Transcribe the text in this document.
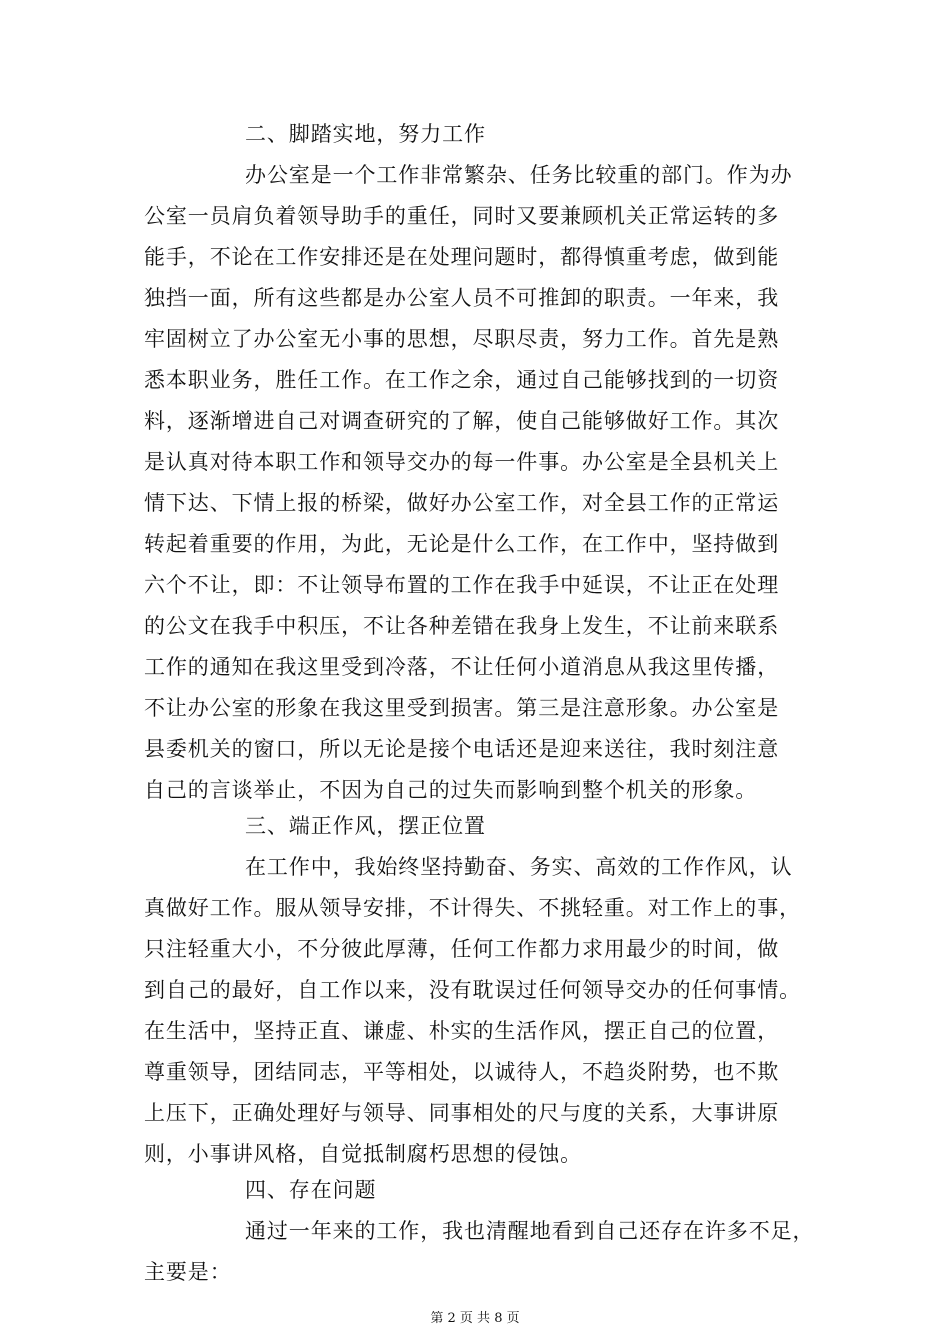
二、脚踏实地，努力工作
办公室是一个工作非常繁杂、任务比较重的部门。作为办
公室一员肩负着领导助手的重任，同时又要兼顾机关正常运转的多
能手，不论在工作安排还是在处理问题时，都得慎重考虑，做到能
独挡一面，所有这些都是办公室人员不可推卸的职责。一年来，我
牢固树立了办公室无小事的思想，尽职尽责，努力工作。首先是熟
悉本职业务，胜任工作。在工作之余，通过自己能够找到的一切资
料，逐渐增进自己对调查研究的了解，使自己能够做好工作。其次
是认真对待本职工作和领导交办的每一件事。办公室是全县机关上
情下达、下情上报的桥梁，做好办公室工作，对全县工作的正常运
转起着重要的作用，为此，无论是什么工作，在工作中，坚持做到
六个不让，即：不让领导布置的工作在我手中延误，不让正在处理
的公文在我手中积压，不让各种差错在我身上发生，不让前来联系
工作的通知在我这里受到冷落，不让任何小道消息从我这里传播，
不让办公室的形象在我这里受到损害。第三是注意形象。办公室是
县委机关的窗口，所以无论是接个电话还是迎来送往，我时刻注意
自己的言谈举止，不因为自己的过失而影响到整个机关的形象。
三、端正作风，摆正位置
在工作中，我始终坚持勤奋、务实、高效的工作作风，认
真做好工作。服从领导安排，不计得失、不挑轻重。对工作上的事，
只注轻重大小，不分彼此厚薄，任何工作都力求用最少的时间，做
到自己的最好，自工作以来，没有耽误过任何领导交办的任何事情。
在生活中，坚持正直、谦虚、朴实的生活作风，摆正自己的位置，
尊重领导，团结同志，平等相处，以诚待人，不趋炎附势，也不欺
上压下，正确处理好与领导、同事相处的尺与度的关系，大事讲原
则，小事讲风格，自觉抵制腐朽思想的侵蚀。
四、存在问题
通过一年来的工作，我也清醒地看到自己还存在许多不足，
主要是：
第 2 页 共 8 页
